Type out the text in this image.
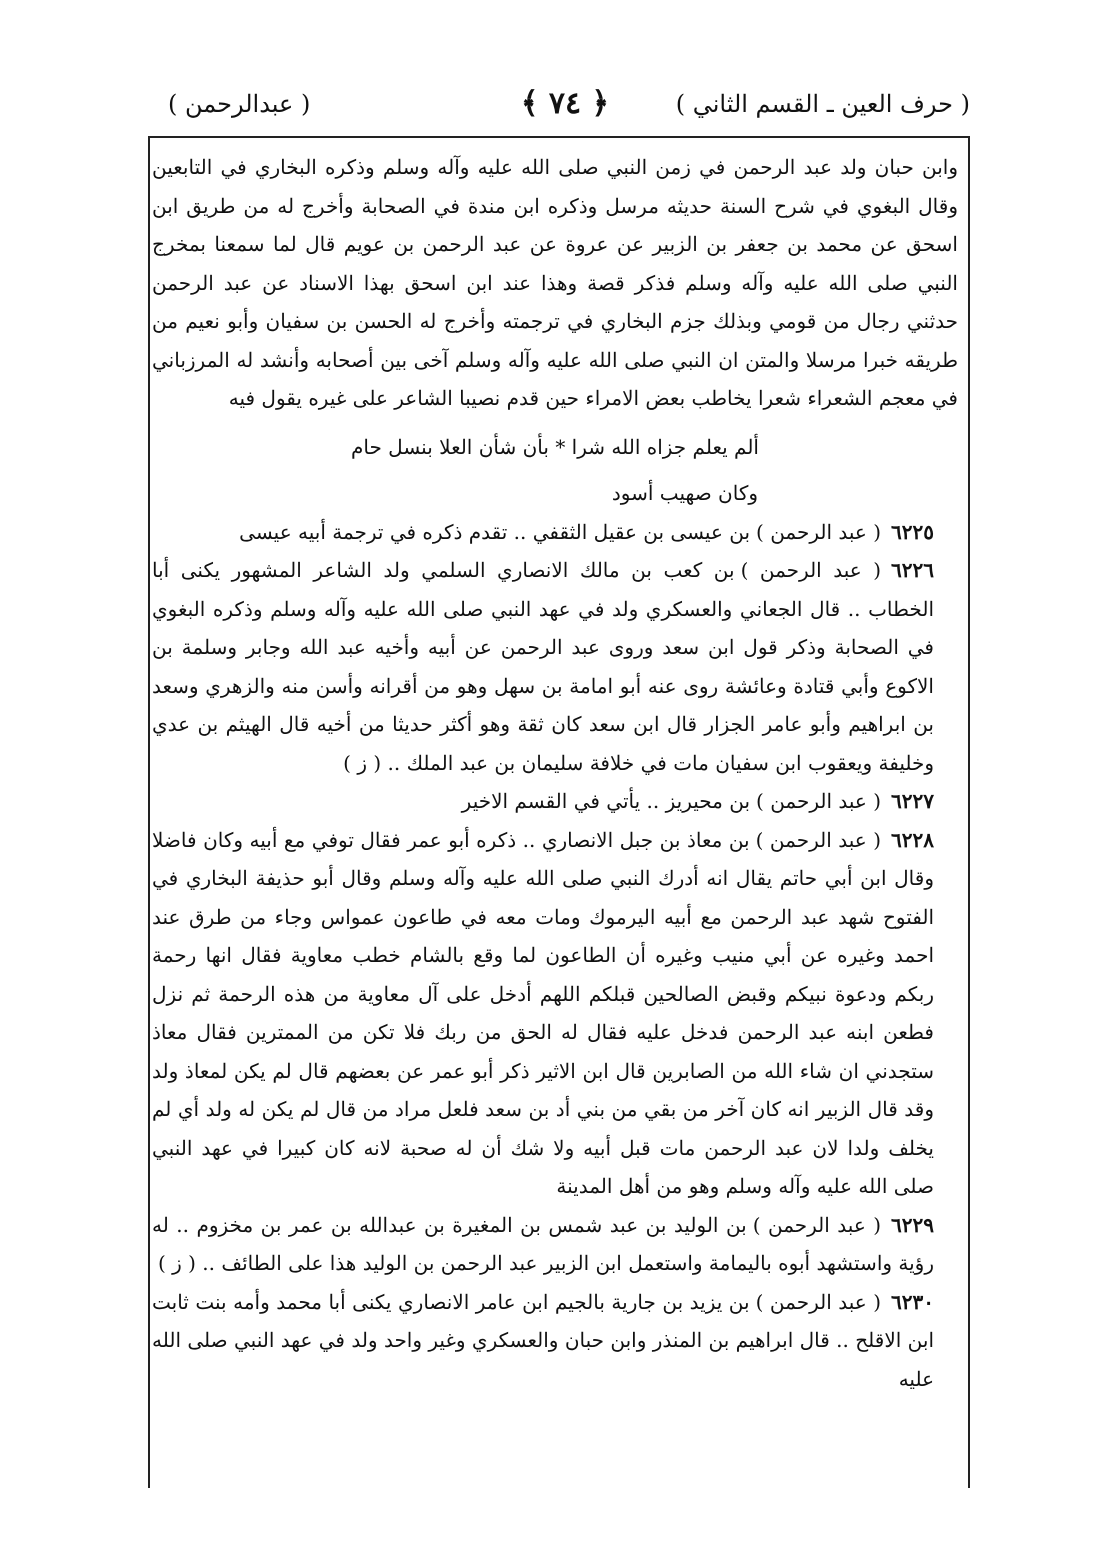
( عبدالرحمن )	﴿ ٧٤ ﴾	( حرف العين ـ القسم الثاني )

وابن حبان ولد عبد الرحمن في زمن النبي صلى الله عليه وآله وسلم وذكره البخاري في التابعين وقال البغوي في شرح السنة حديثه مرسل وذكره ابن مندة في الصحابة وأخرج له من طريق ابن اسحق عن محمد بن جعفر بن الزبير عن عروة عن عبد الرحمن بن عويم قال لما سمعنا بمخرج النبي صلى الله عليه وآله وسلم فذكر قصة وهذا عند ابن اسحق بهذا الاسناد عن عبد الرحمن حدثني رجال من قومي وبذلك جزم البخاري في ترجمته وأخرج له الحسن بن سفيان وأبو نعيم من طريقه خبرا مرسلا والمتن ان النبي صلى الله عليه وآله وسلم آخى بين أصحابه وأنشد له المرزباني في معجم الشعراء شعرا يخاطب بعض الامراء حين قدم نصيبا الشاعر على غيره يقول فيه

ألم يعلم جزاه الله شرا * بأن شأن العلا بنسل حام

وكان صهيب أسود

٦٢٢٥( عبد الرحمن )بن عيسى بن عقيل الثقفي .. تقدم ذكره في ترجمة أبيه عيسى

٦٢٢٦( عبد الرحمن )بن كعب بن مالك الانصاري السلمي ولد الشاعر المشهور يكنى أبا الخطاب .. قال الجعاني والعسكري ولد في عهد النبي صلى الله عليه وآله وسلم وذكره البغوي في الصحابة وذكر قول ابن سعد وروى عبد الرحمن عن أبيه وأخيه عبد الله وجابر وسلمة بن الاكوع وأبي قتادة وعائشة روى عنه أبو امامة بن سهل وهو من أقرانه وأسن منه والزهري وسعد بن ابراهيم وأبو عامر الجزار قال ابن سعد كان ثقة وهو أكثر حديثا من أخيه قال الهيثم بن عدي وخليفة ويعقوب ابن سفيان مات في خلافة سليمان بن عبد الملك .. ( ز )

٦٢٢٧( عبد الرحمن )بن محيريز .. يأتي في القسم الاخير

٦٢٢٨( عبد الرحمن )بن معاذ بن جبل الانصاري .. ذكره أبو عمر فقال توفي مع أبيه وكان فاضلا وقال ابن أبي حاتم يقال انه أدرك النبي صلى الله عليه وآله وسلم وقال أبو حذيفة البخاري في الفتوح شهد عبد الرحمن مع أبيه اليرموك ومات معه في طاعون عمواس وجاء من طرق عند احمد وغيره عن أبي منيب وغيره أن الطاعون لما وقع بالشام خطب معاوية فقال انها رحمة ربكم ودعوة نبيكم وقبض الصالحين قبلكم اللهم أدخل على آل معاوية من هذه الرحمة ثم نزل فطعن ابنه عبد الرحمن فدخل عليه فقال له الحق من ربك فلا تكن من الممترين فقال معاذ ستجدني ان شاء الله من الصابرين قال ابن الاثير ذكر أبو عمر عن بعضهم قال لم يكن لمعاذ ولد وقد قال الزبير انه كان آخر من بقي من بني أد بن سعد فلعل مراد من قال لم يكن له ولد أي لم يخلف ولدا لان عبد الرحمن مات قبل أبيه ولا شك أن له صحبة لانه كان كبيرا في عهد النبي صلى الله عليه وآله وسلم وهو من أهل المدينة

٦٢٢٩( عبد الرحمن )بن الوليد بن عبد شمس بن المغيرة بن عبدالله بن عمر بن مخزوم .. له رؤية واستشهد أبوه باليمامة واستعمل ابن الزبير عبد الرحمن بن الوليد هذا على الطائف .. ( ز )

٦٢٣٠( عبد الرحمن )بن يزيد بن جارية بالجيم ابن عامر الانصاري يكنى أبا محمد وأمه بنت ثابت ابن الاقلح .. قال ابراهيم بن المنذر وابن حبان والعسكري وغير واحد ولد في عهد النبي صلى الله عليه
